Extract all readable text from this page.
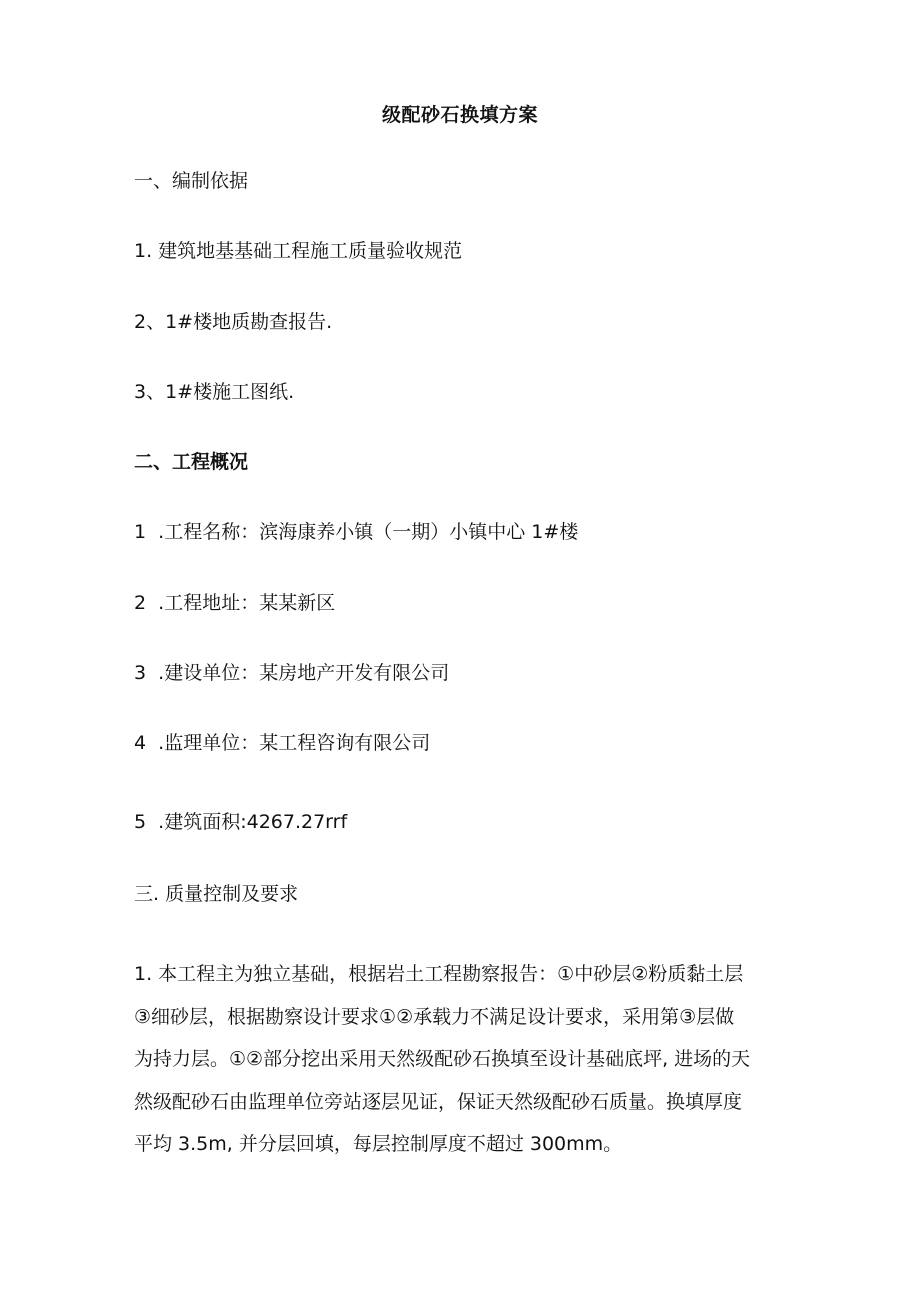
级配砂石换填方案
一、编制依据
1. 建筑地基基础工程施工质量验收规范
2、1#楼地质勘查报告.
3、1#楼施工图纸.
二、工程概况
1  .工程名称：滨海康养小镇（一期）小镇中心 1#楼
2  .工程地址：某某新区
3  .建设单位：某房地产开发有限公司
4  .监理单位：某工程咨询有限公司
5  .建筑面积:4267.27rrf
三. 质量控制及要求
1. 本工程主为独立基础，根据岩土工程勘察报告：①中砂层②粉质黏土层
③细砂层，根据勘察设计要求①②承载力不满足设计要求，采用第③层做
为持力层。①②部分挖出采用天然级配砂石换填至设计基础底坪, 进场的天
然级配砂石由监理单位旁站逐层见证，保证天然级配砂石质量。换填厚度
平均 3.5m, 并分层回填，每层控制厚度不超过 300mm。
